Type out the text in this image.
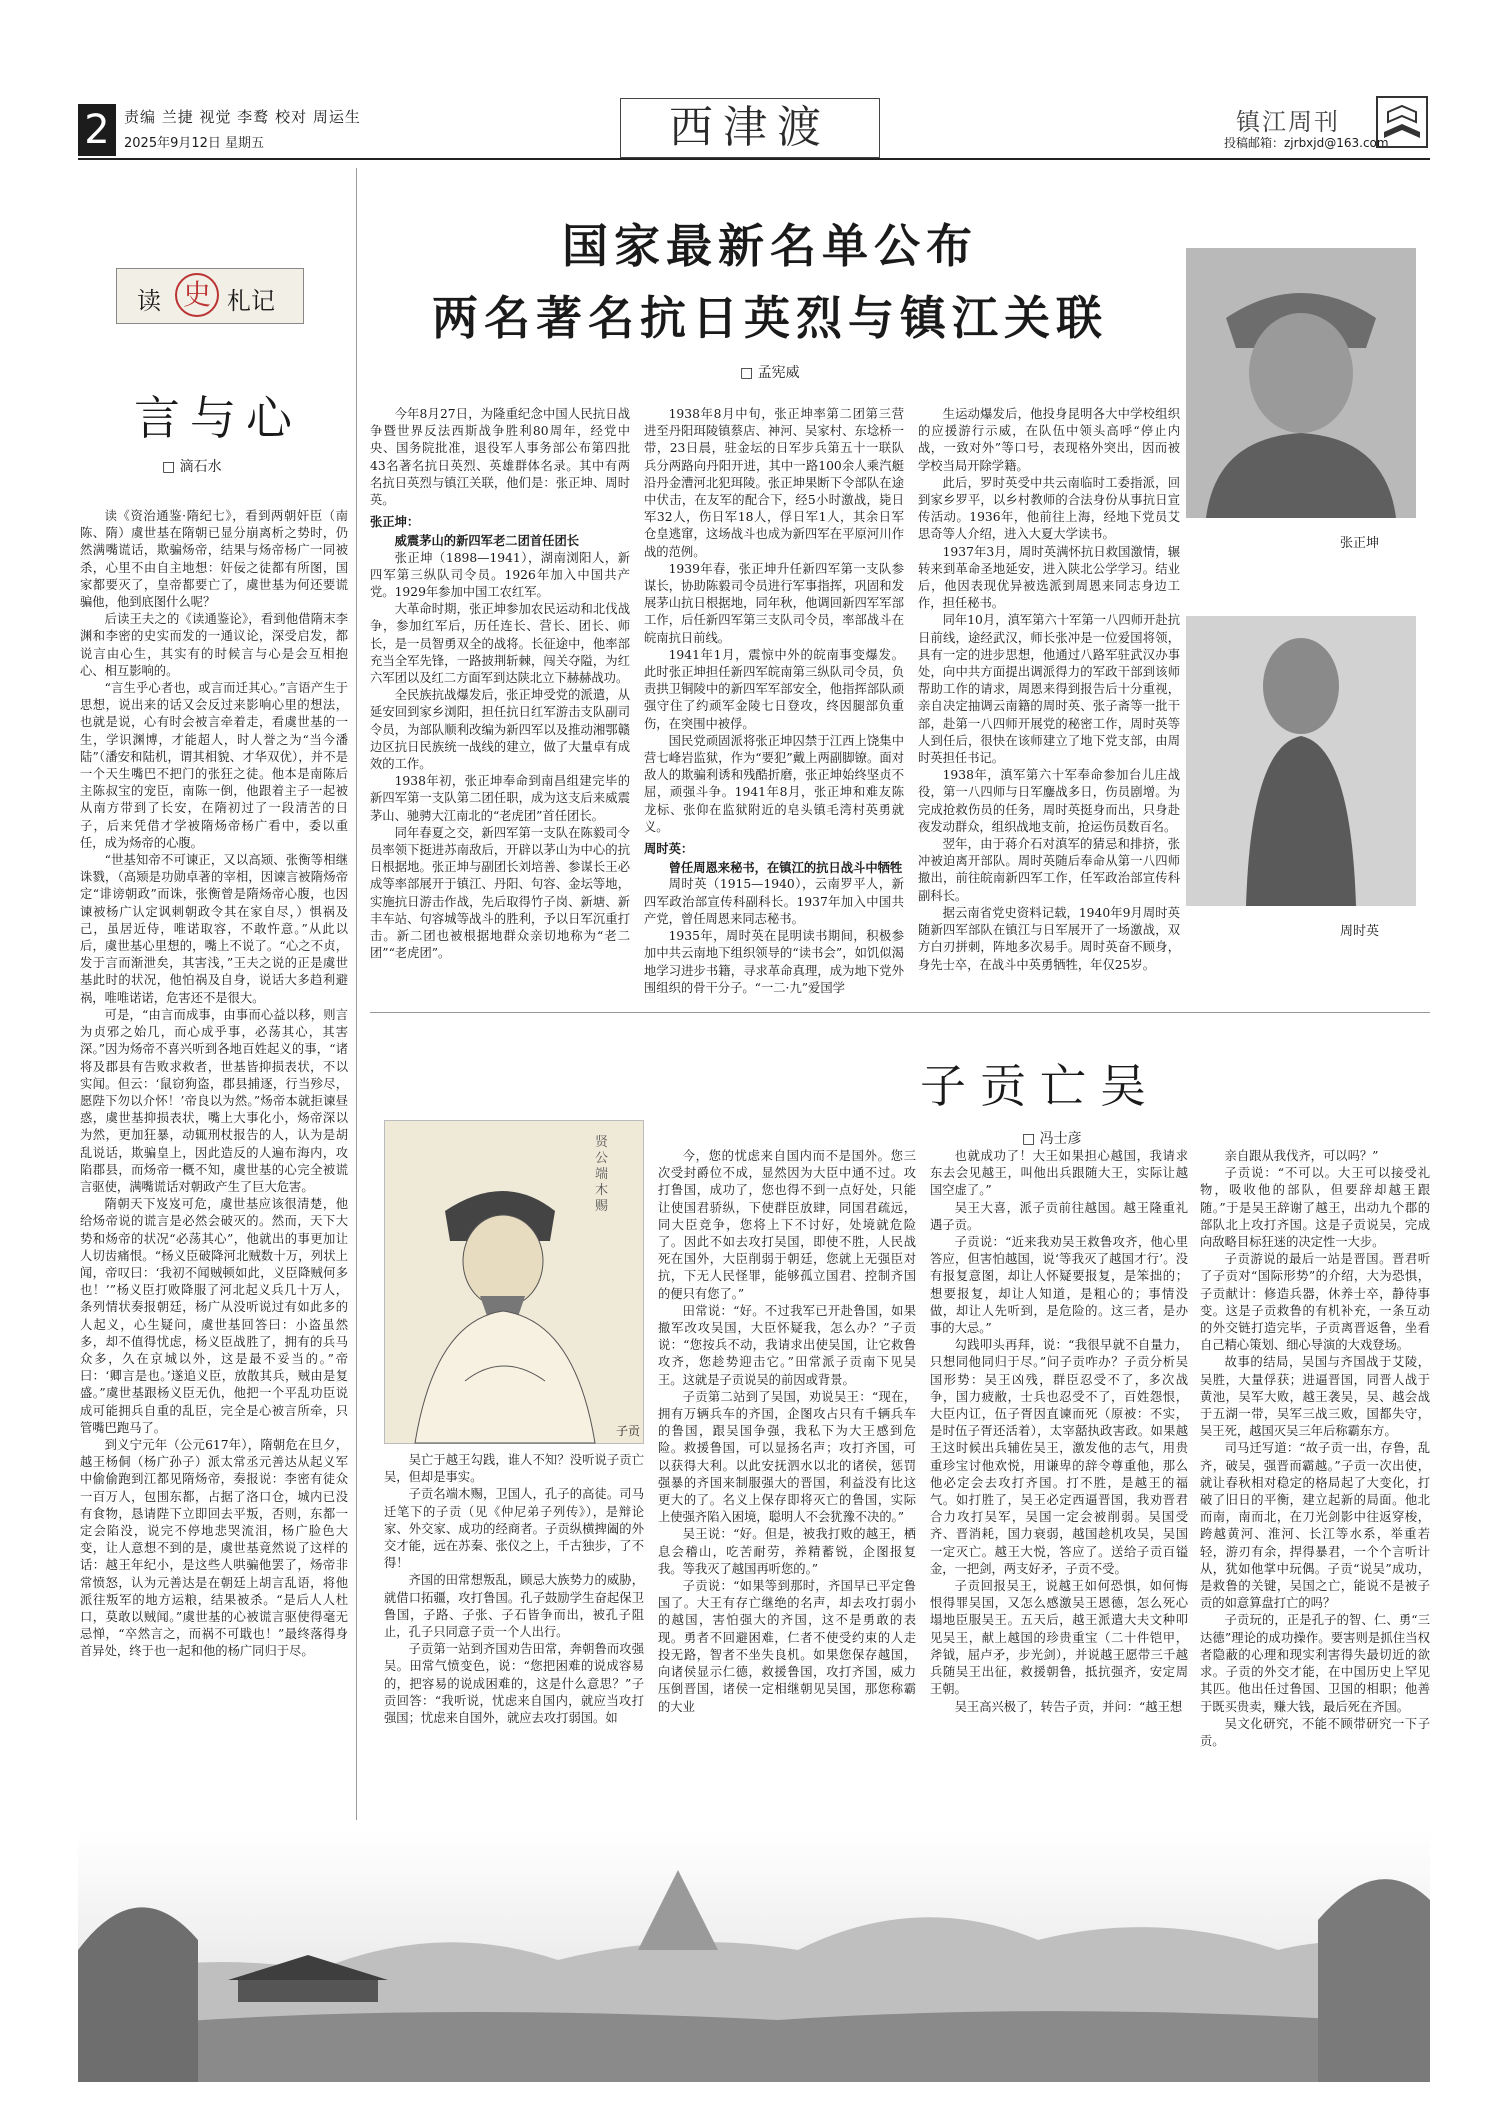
2 责编 兰捷 视觉 李鹜 校对 周运生
2025年9月12日 星期五	西津渡	镇江周刊
投稿邮箱：zjrbxjd@163.com
读 史 札记
言与心
□ 滴石水

读《资治通鉴·隋纪七》，看到两朝奸臣（南陈、隋）虞世基在隋朝已显分崩离析之势时，仍然满嘴谎话，欺骗炀帝，结果与炀帝杨广一同被杀，心里不由自主地想：奸佞之徒都有所图，国家都要灭了，皇帝都要亡了，虞世基为何还要谎骗他，他到底图什么呢？

后读王夫之的《读通鉴论》，看到他借隋末李渊和李密的史实而发的一通议论，深受启发，都说言由心生，其实有的时候言与心是会互相抱心、相互影响的。

“言生乎心者也，或言而迁其心。”言语产生于思想，说出来的话又会反过来影响心里的想法，也就是说，心有时会被言牵着走，看虞世基的一生，学识渊博，才能超人，时人誉之为“当今潘陆”（潘安和陆机，谓其相貌、才华双优），并不是一个天生嘴巴不把门的张狂之徒。他本是南陈后主陈叔宝的宠臣，南陈一倒，他跟着主子一起被从南方带到了长安，在隋初过了一段清苦的日子，后来凭借才学被隋炀帝杨广看中，委以重任，成为炀帝的心腹。

“世基知帝不可谏正，又以高颎、张衡等相继诛戮，（高颎是功勋卓著的宰相，因谏言被隋炀帝定“诽谤朝政”而诛，张衡曾是隋炀帝心腹，也因谏被杨广认定讽刺朝政令其在家自尽，）惧祸及己，虽居近侍，唯诺取容，不敢忤意。”从此以后，虞世基心里想的，嘴上不说了。“心之不贞，发于言而渐泄矣，其害浅，”王夫之说的正是虞世基此时的状况，他怕祸及自身，说话大多趋利避祸，唯唯诺诺，危害还不是很大。

可是，“由言而成事，由事而心益以移，则言为贞邪之始几，而心成乎事，必荡其心，其害深。”因为炀帝不喜兴听到各地百姓起义的事，“诸将及郡县有告败求救者，世基皆抑损表状，不以实闻。但云：‘鼠窃狗盗，郡县捕逐，行当殄尽，愿陛下勿以介怀！’帝良以为然。”炀帝本就拒谏昼惑，虞世基抑损表状，嘴上大事化小，炀帝深以为然，更加狂暴，动辄刑杖报告的人，认为是胡乱说话，欺骗皇上，因此造反的人遍布海内，攻陷郡县，而炀帝一概不知，虞世基的心完全被谎言驱使，满嘴谎话对朝政产生了巨大危害。

隋朝天下岌岌可危，虞世基应该很清楚，他给炀帝说的谎言是必然会破灭的。然而，天下大势和炀帝的状况“必荡其心”，他就出的事更加让人切齿痛恨。“杨义臣破降河北贼数十万，列状上闻，帝叹曰：‘我初不闻贼顿如此，义臣降贼何多也！’”杨义臣打败降服了河北起义兵几十万人，条列情状奏报朝廷，杨广从没听说过有如此多的人起义，心生疑问，虞世基回答曰：小盗虽然多，却不值得忧虑，杨义臣战胜了，拥有的兵马众多，久在京城以外，这是最不妥当的。”帝曰：‘卿言是也。’遂追义臣，放散其兵，贼由是复盛。”虞世基跟杨义臣无仇，他把一个平乱功臣说成可能拥兵自重的乱臣，完全是心被言所牵，只管嘴巴跑马了。

到义宁元年（公元617年），隋朝危在旦夕，越王杨侗（杨广孙子）派太常丞元善达从起义军中偷偷跑到江都见隋炀帝，奏报说：李密有徒众一百万人，包围东都，占据了洛口仓，城内已没有食物，恳请陛下立即回去平叛，否则，东都一定会陷没，说完不停地悲哭流泪，杨广脸色大变，让人意想不到的是，虞世基竟然说了这样的话：越王年纪小，是这些人哄骗他罢了，炀帝非常愤怒，认为元善达是在朝廷上胡言乱语，将他派往叛军的地方运粮，结果被杀。“是后人人杜口，莫敢以贼闻。”虞世基的心被谎言驱使得毫无忌惮，“卒然言之，而祸不可戢也！”最终落得身首异处，终于也一起和他的杨广同归于尽。

国家最新名单公布
两名著名抗日英烈与镇江关联
□ 孟宪威

今年8月27日，为隆重纪念中国人民抗日战争暨世界反法西斯战争胜利80周年，经党中央、国务院批准，退役军人事务部公布第四批43名著名抗日英烈、英雄群体名录。其中有两名抗日英烈与镇江关联，他们是：张正坤、周时英。

张正坤：

威震茅山的新四军老二团首任团长

张正坤（1898—1941），湖南浏阳人，新四军第三纵队司令员。1926年加入中国共产党。1929年参加中国工农红军。

大革命时期，张正坤参加农民运动和北伐战争，参加红军后，历任连长、营长、团长、师长，是一员智勇双全的战将。长征途中，他率部充当全军先锋，一路披荆斩棘，闯关夺隘，为红六军团以及红二方面军到达陕北立下赫赫战功。

全民族抗战爆发后，张正坤受党的派遣，从延安回到家乡浏阳，担任抗日红军游击支队副司令员，为部队顺利改编为新四军以及推动湘鄂赣边区抗日民族统一战线的建立，做了大量卓有成效的工作。

1938年初，张正坤奉命到南昌组建完毕的新四军第一支队第二团任职，成为这支后来威震茅山、驰骋大江南北的“老虎团”首任团长。

同年春夏之交，新四军第一支队在陈毅司令员率领下挺进苏南敌后，开辟以茅山为中心的抗日根据地。张正坤与副团长刘培善、参谋长王必成等率部展开于镇江、丹阳、句容、金坛等地，实施抗日游击作战，先后取得竹子岗、新塘、新丰车站、句容城等战斗的胜利，予以日军沉重打击。新二团也被根据地群众亲切地称为“老二团”“老虎团”。

1938年8月中旬，张正坤率第二团第三营进至丹阳珥陵镇蔡店、神河、吴家村、东埝桥一带，23日晨，驻金坛的日军步兵第五十一联队兵分两路向丹阳开进，其中一路100余人乘汽艇沿丹金漕河北犯珥陵。张正坤果断下令部队在途中伏击，在友军的配合下，经5小时激战，毙日军32人，伤日军18人，俘日军1人，其余日军仓皇逃窜，这场战斗也成为新四军在平原河川作战的范例。

1939年春，张正坤升任新四军第一支队参谋长，协助陈毅司令员进行军事指挥，巩固和发展茅山抗日根据地，同年秋，他调回新四军军部工作，后任新四军第三支队司令员，率部战斗在皖南抗日前线。

1941年1月，震惊中外的皖南事变爆发。此时张正坤担任新四军皖南第三纵队司令员，负责拱卫铜陵中的新四军军部安全，他指挥部队顽强守住了约顽军金陵七日登攻，终因腿部负重伤，在突围中被俘。

国民党顽固派将张正坤囚禁于江西上饶集中营七峰岩监狱，作为“要犯”戴上两副脚镣。面对敌人的欺骗利诱和残酷折磨，张正坤始终坚贞不屈，顽强斗争。1941年8月，张正坤和难友陈龙标、张仰在监狱附近的皂头镇毛湾村英勇就义。

周时英：

曾任周恩来秘书，在镇江的抗日战斗中牺牲

周时英（1915—1940），云南罗平人，新四军政治部宣传科副科长。1937年加入中国共产党，曾任周恩来同志秘书。

1935年，周时英在昆明读书期间，积极参加中共云南地下组织领导的“读书会”，如饥似渴地学习进步书籍，寻求革命真理，成为地下党外围组织的骨干分子。“一二·九”爱国学

生运动爆发后，他投身昆明各大中学校组织的应援游行示威，在队伍中领头高呼“停止内战，一致对外”等口号，表现格外突出，因而被学校当局开除学籍。

此后，罗时英受中共云南临时工委指派，回到家乡罗平，以乡村教师的合法身份从事抗日宣传活动。1936年，他前往上海，经地下党员艾思奇等人介绍，进入大夏大学读书。

1937年3月，周时英满怀抗日救国激情，辗转来到革命圣地延安，进入陕北公学学习。结业后，他因表现优异被选派到周恩来同志身边工作，担任秘书。

同年10月，滇军第六十军第一八四师开赴抗日前线，途经武汉，师长张冲是一位爱国将领，具有一定的进步思想，他通过八路军驻武汉办事处，向中共方面提出调派得力的军政干部到该师帮助工作的请求，周恩来得到报告后十分重视，亲自决定抽调云南籍的周时英、张子斋等一批干部，赴第一八四师开展党的秘密工作，周时英等人到任后，很快在该师建立了地下党支部，由周时英担任书记。

1938年，滇军第六十军奉命参加台儿庄战役，第一八四师与日军鏖战多日，伤员剧增。为完成抢救伤员的任务，周时英挺身而出，只身赴夜发动群众，组织战地支前，抢运伤员数百名。

翌年，由于蒋介石对滇军的猜忌和排挤，张冲被迫离开部队。周时英随后奉命从第一八四师撤出，前往皖南新四军工作，任军政治部宣传科副科长。

据云南省党史资料记载，1940年9月周时英随新四军部队在镇江与日军展开了一场激战，双方白刃拼刺，阵地多次易手。周时英奋不顾身，身先士卒，在战斗中英勇牺牲，年仅25岁。

张正坤
周时英
子贡亡吴
□ 冯士彦
贤公端木 赐
子贡

吴亡于越王勾践，谁人不知？没听说子贡亡吴，但却是事实。

子贡名端木赐，卫国人，孔子的高徒。司马迁笔下的子贡（见《仲尼弟子列传》），是辩论家、外交家、成功的经商者。子贡纵横捭阖的外交才能，远在苏秦、张仪之上，千古独步，了不得！

齐国的田常想叛乱，顾忌大族势力的威胁，就借口拓疆，攻打鲁国。孔子鼓励学生奋起保卫鲁国，子路、子张、子石皆争而出，被孔子阻止，孔子只同意子贡一个人出行。

子贡第一站到齐国劝告田常，奔朝鲁而攻强吴。田常气愤变色，说：“您把困难的说成容易的，把容易的说成困难的，这是什么意思？”子贡回答：“我听说，忧虑来自国内，就应当攻打强国；忧虑来自国外，就应去攻打弱国。如

今，您的忧虑来自国内而不是国外。您三次受封爵位不成，显然因为大臣中通不过。攻打鲁国，成功了，您也得不到一点好处，只能让使国君骄纵，下使群臣放肆，同国君疏远，同大臣竞争，您将上下不讨好，处境就危险了。因此不如去攻打吴国，即使不胜，人民战死在国外，大臣削弱于朝廷，您就上无强臣对抗，下无人民怪罪，能够孤立国君、控制齐国的便只有您了。”

田常说：“好。不过我军已开赴鲁国，如果撤军改攻吴国，大臣怀疑我，怎么办？”子贡说：“您按兵不动，我请求出使吴国，让它救鲁攻齐，您趁势迎击它。”田常派子贡南下见吴王。这就是子贡说吴的前因或背景。

子贡第二站到了吴国，劝说吴王：“现在，拥有万辆兵车的齐国，企图攻占只有千辆兵车的鲁国，跟吴国争强，我私下为大王感到危险。救援鲁国，可以显扬名声；攻打齐国，可以获得大利。以此安抚泗水以北的诸侯，惩罚强暴的齐国来制服强大的晋国，利益没有比这更大的了。名义上保存即将灭亡的鲁国，实际上使强齐陷入困境，聪明人不会犹豫不决的。”

吴王说：“好。但是，被我打败的越王，栖息会稽山，吃苦耐劳，养精蓄锐，企图报复我。等我灭了越国再听您的。”

子贡说：“如果等到那时，齐国早已平定鲁国了。大王有存亡继绝的名声，却去攻打弱小的越国，害怕强大的齐国，这不是勇敢的表现。勇者不回避困难，仁者不使受约束的人走投无路，智者不坐失良机。如果您保存越国，向诸侯显示仁德，救援鲁国，攻打齐国，威力压倒晋国，诸侯一定相继朝见吴国，那您称霸的大业

也就成功了！大王如果担心越国，我请求东去会见越王，叫他出兵跟随大王，实际让越国空虚了。”

吴王大喜，派子贡前往越国。越王隆重礼遇子贡。

子贡说：“近来我劝吴王救鲁攻齐，他心里答应，但害怕越国，说‘等我灭了越国才行’。没有报复意图，却让人怀疑要报复，是笨拙的；想要报复，却让人知道，是粗心的；事情没做，却让人先听到，是危险的。这三者，是办事的大忌。”

勾践叩头再拜，说：“我很早就不自量力，只想同他同归于尽。”问子贡咋办？子贡分析吴国形势：吴王凶残，群臣忍受不了，多次战争，国力疲敝，士兵也忍受不了，百姓怨恨，大臣内讧，伍子胥因直谏而死（原被：不实，是时伍子胥还活着），太宰嚭执政害政。如果越王这时候出兵辅佐吴王，激发他的志气，用贵重珍宝讨他欢悦，用谦卑的辞令尊重他，那么他必定会去攻打齐国。打不胜，是越王的福气。如打胜了，吴王必定西逼晋国，我劝晋君合力攻打吴军，吴国一定会被削弱。吴国受齐、晋消耗，国力衰弱，越国趁机攻吴，吴国一定灭亡。越王大悦，答应了。送给子贡百镒金，一把剑，两支好矛，子贡不受。

子贡回报吴王，说越王如何恐惧，如何悔恨得罪吴国，又怎么感激吴王恩德，怎么死心塌地臣服吴王。五天后，越王派遣大夫文种叩见吴王，献上越国的珍贵重宝（二十件铠甲，斧钺，屈卢矛，步光剑），并说越王愿带三千越兵随吴王出征，救援朝鲁，抵抗强齐，安定周王朝。

吴王高兴极了，转告子贡，并问：“越王想

亲自跟从我伐齐，可以吗？”

子贡说：“不可以。大王可以接受礼物，吸收他的部队，但要辞却越王跟随。”于是吴王辞谢了越王，出动九个郡的部队北上攻打齐国。这是子贡说吴，完成向敌略目标狂迷的决定性一大步。

子贡游说的最后一站是晋国。晋君听了子贡对“国际形势”的介绍，大为恐惧，子贡献计：修造兵器，休养士卒，静待事变。这是子贡救鲁的有机补充，一条互动的外交链打造完毕，子贡离晋返鲁，坐看自己精心策划、细心导演的大戏登场。

故事的结局，吴国与齐国战于艾陵，吴胜，大量俘获；进逼晋国，同晋人战于黄池，吴军大败，越王袭吴，吴、越会战于五湖一带，吴军三战三败，国都失守，吴王死，越国灭吴三年后称霸东方。

司马迁写道：“故子贡一出，存鲁，乱齐，破吴，强晋而霸越。”子贡一次出使，就让春秋相对稳定的格局起了大变化，打破了旧日的平衡，建立起新的局面。他北而南，南而北，在刀光剑影中往返穿梭，跨越黄河、淮河、长江等水系，举重若轻，游刃有余，捍得暴君，一个个言听计从，犹如他掌中玩偶。子贡“说吴”成功，是救鲁的关键，吴国之亡，能说不是被子贡的如意算盘打亡的吗？

子贡玩的，正是孔子的智、仁、勇“三达德”理论的成功操作。要害则是抓住当权者隐蔽的心理和现实利害得失最切近的欲求。子贡的外交才能，在中国历史上罕见其匹。他出任过鲁国、卫国的相职；他善于既买贵卖，赚大钱，最后死在齐国。

吴文化研究，不能不顾带研究一下子贡。
